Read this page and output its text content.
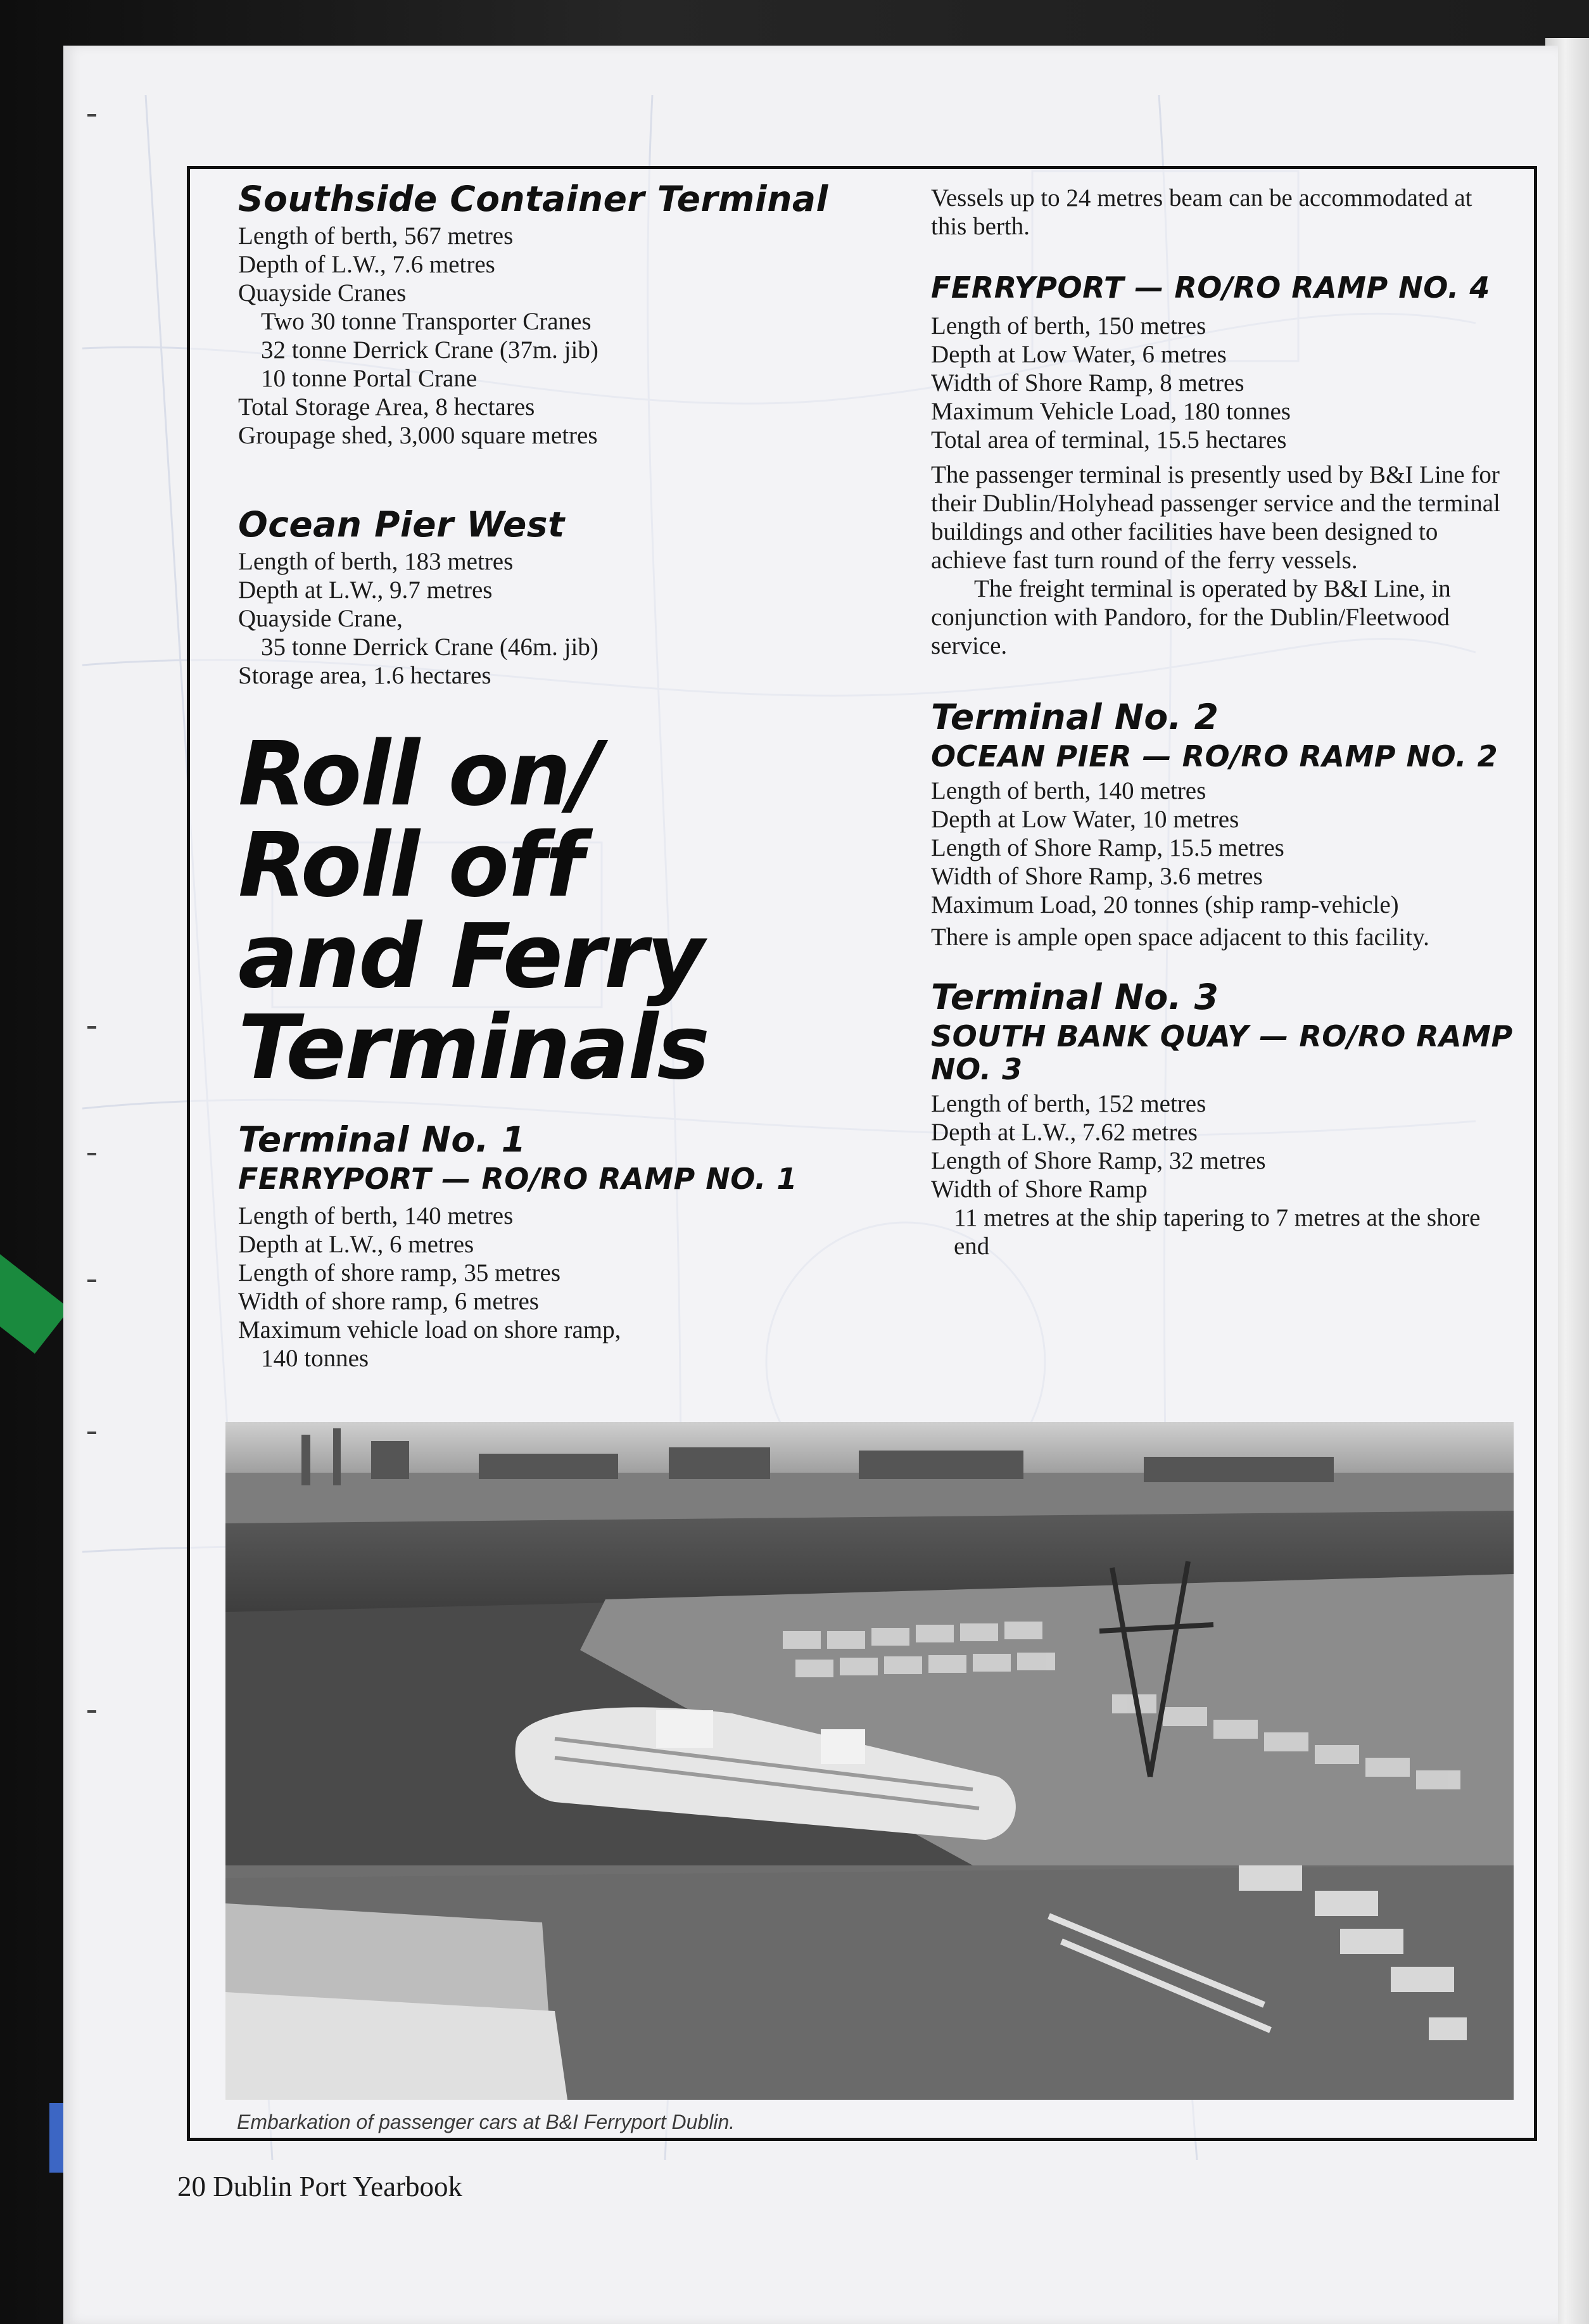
Southside Container Terminal

Length of berth, 567 metres

Depth of L.W., 7.6 metres

Quayside Cranes

Two 30 tonne Transporter Cranes

32 tonne Derrick Crane (37m. jib)

10 tonne Portal Crane

Total Storage Area, 8 hectares

Groupage shed, 3,000 square metres

Ocean Pier West

Length of berth, 183 metres

Depth at L.W., 9.7 metres

Quayside Crane,

35 tonne Derrick Crane (46m. jib)

Storage area, 1.6 hectares

Roll on/

Roll off

and Ferry

Terminals

Terminal No. 1
FERRYPORT — RO/RO RAMP NO. 1

Length of berth, 140 metres

Depth at L.W., 6 metres

Length of shore ramp, 35 metres

Width of shore ramp, 6 metres

Maximum vehicle load on shore ramp,

140 tonnes

Vessels up to 24 metres beam can be accommodated at this berth.

FERRYPORT — RO/RO RAMP NO. 4

Length of berth, 150 metres

Depth at Low Water, 6 metres

Width of Shore Ramp, 8 metres

Maximum Vehicle Load, 180 tonnes

Total area of terminal, 15.5 hectares

The passenger terminal is presently used by B&I Line for their Dublin/Holyhead passenger service and the terminal buildings and other facilities have been designed to achieve fast turn round of the ferry vessels.

The freight terminal is operated by B&I Line, in conjunction with Pandoro, for the Dublin/Fleetwood service.

Terminal No. 2
OCEAN PIER — RO/RO RAMP NO. 2

Length of berth, 140 metres

Depth at Low Water, 10 metres

Length of Shore Ramp, 15.5 metres

Width of Shore Ramp, 3.6 metres

Maximum Load, 20 tonnes (ship ramp-vehicle)

There is ample open space adjacent to this facility.

Terminal No. 3
SOUTH BANK QUAY — RO/RO RAMP NO. 3

Length of berth, 152 metres

Depth at L.W., 7.62 metres

Length of Shore Ramp, 32 metres

Width of Shore Ramp

11 metres at the ship tapering to 7 metres at the shore end

Embarkation of passenger cars at B&I Ferryport Dublin.
20 Dublin Port Yearbook
